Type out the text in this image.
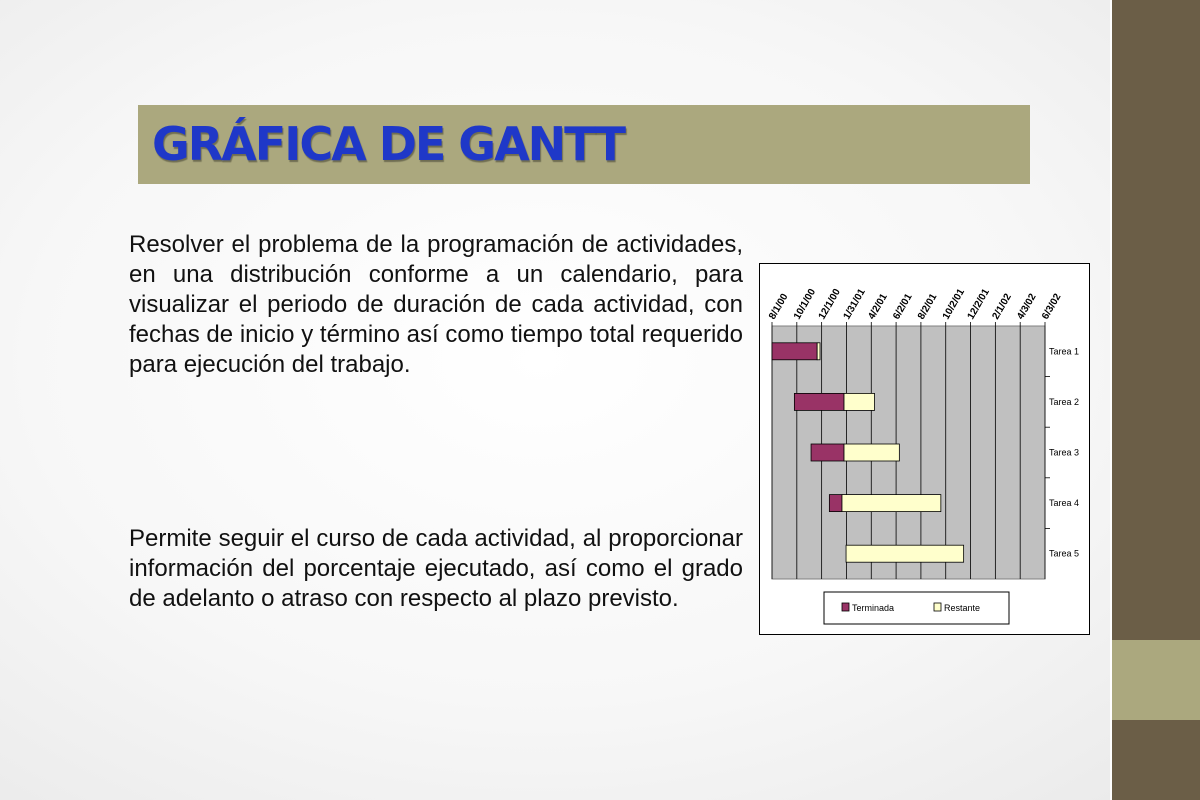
GRÁFICA DE GANTT

Resolver el problema de la programación de actividades, en una distribución conforme a un calendario, para visualizar el periodo de duración de cada actividad, con fechas de inicio y término así como tiempo total requerido para ejecución del trabajo.

Permite seguir el curso de cada actividad, al proporcionar información del porcentaje ejecutado, así como el grado de adelanto o atraso con respecto al plazo previsto.

8/1/00 10/1/00
12/1/00
1/31/01
4/2/01 6/2/01 8/2/01 10/2/01
12/2/01
2/1/02 4/3/02 6/3/02
Tarea 1
Tarea 2
Tarea 3
Tarea 4
Tarea 5
Terminada	Restante
